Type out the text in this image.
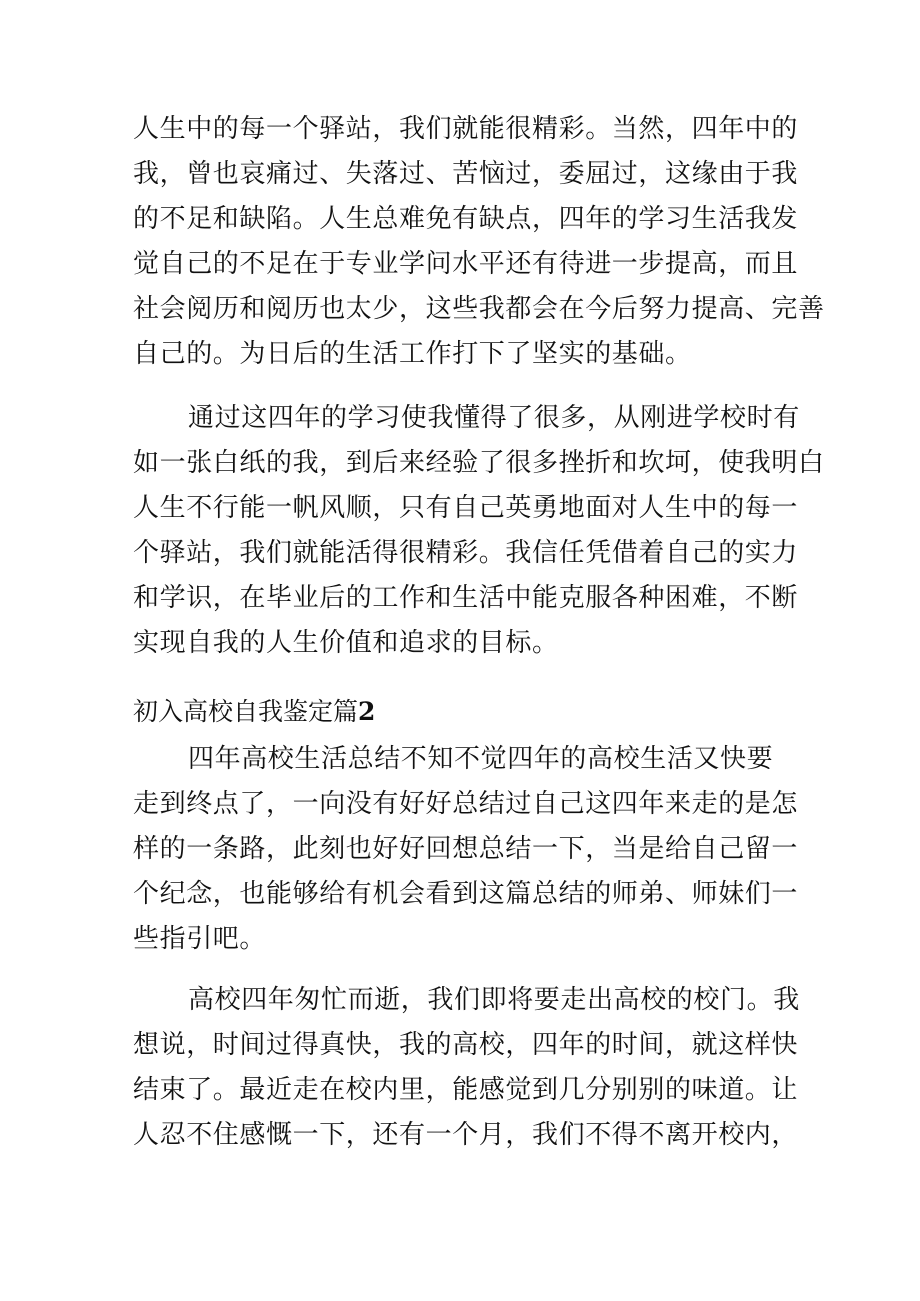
人生中的每一个驿站，我们就能很精彩。当然，四年中的
我，曾也哀痛过、失落过、苦恼过，委屈过，这缘由于我
的不足和缺陷。人生总难免有缺点，四年的学习生活我发
觉自己的不足在于专业学问水平还有待进一步提高，而且
社会阅历和阅历也太少，这些我都会在今后努力提高、完善
自己的。为日后的生活工作打下了坚实的基础。
通过这四年的学习使我懂得了很多，从刚进学校时有
如一张白纸的我，到后来经验了很多挫折和坎坷，使我明白
人生不行能一帆风顺，只有自己英勇地面对人生中的每一
个驿站，我们就能活得很精彩。我信任凭借着自己的实力
和学识，在毕业后的工作和生活中能克服各种困难，不断
实现自我的人生价值和追求的目标。
初入高校自我鉴定篇2
四年高校生活总结不知不觉四年的高校生活又快要
走到终点了，一向没有好好总结过自己这四年来走的是怎
样的一条路，此刻也好好回想总结一下，当是给自己留一
个纪念，也能够给有机会看到这篇总结的师弟、师妹们一
些指引吧。
高校四年匆忙而逝，我们即将要走出高校的校门。我
想说，时间过得真快，我的高校，四年的时间，就这样快
结束了。最近走在校内里，能感觉到几分别别的味道。让
人忍不住感慨一下，还有一个月，我们不得不离开校内，
